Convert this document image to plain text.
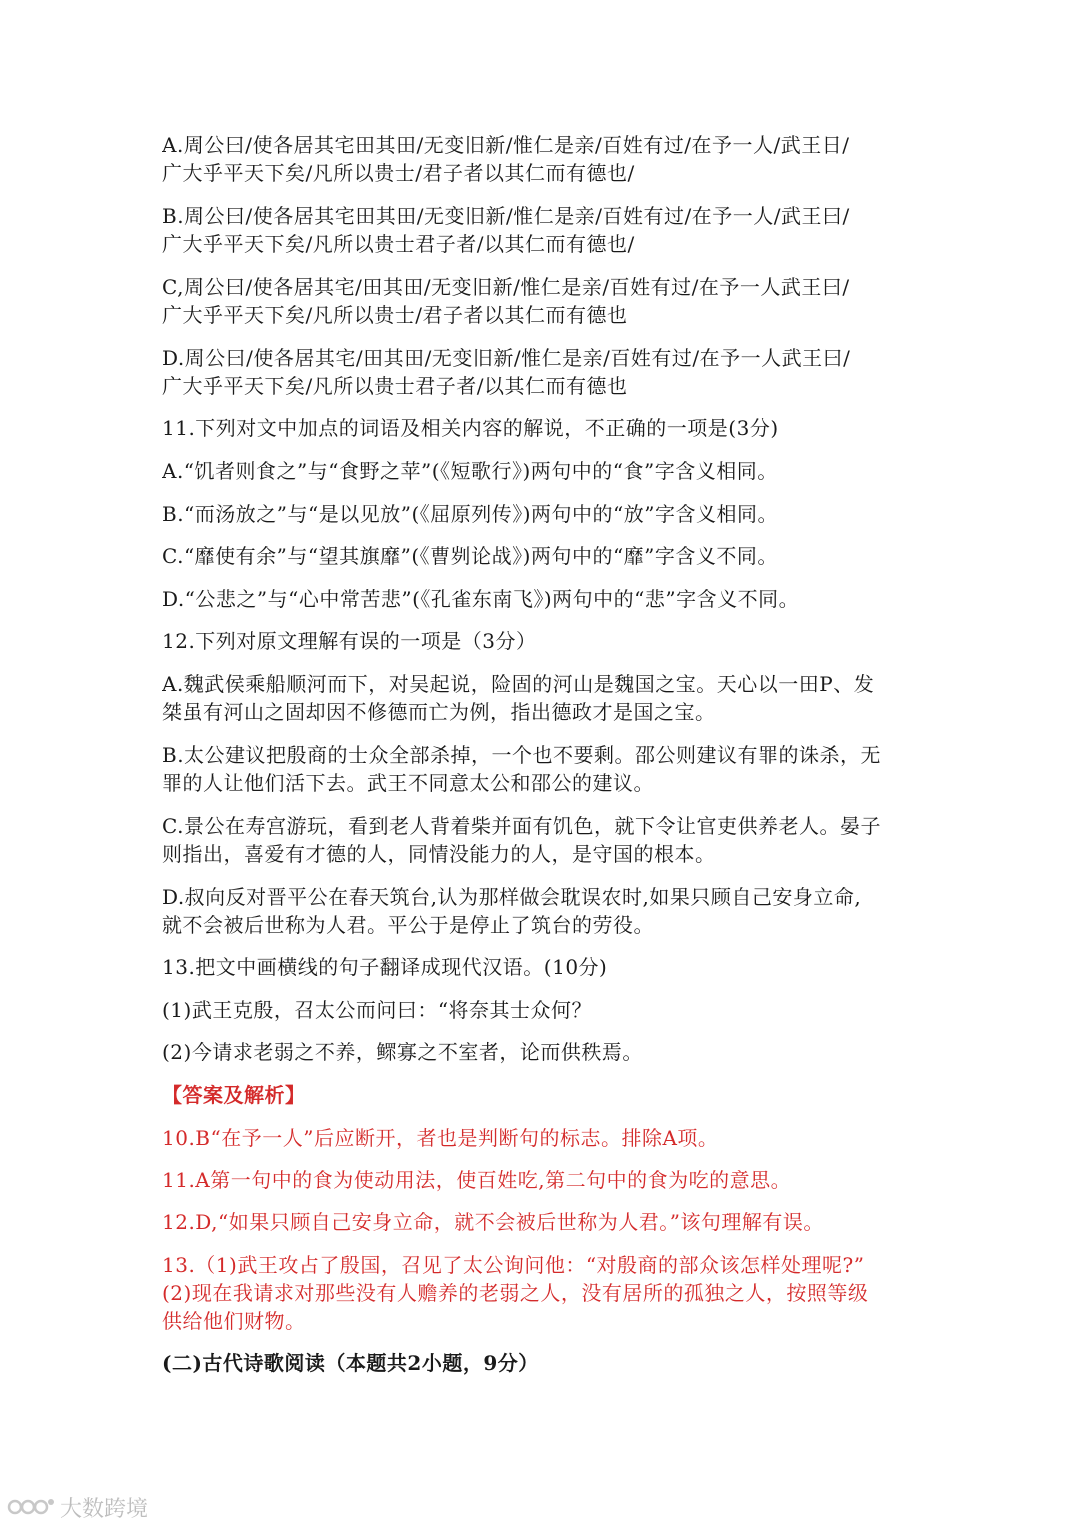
A.周公曰/使各居其宅田其田/无变旧新/惟仁是亲/百姓有过/在予一人/武王日/
广大乎平天下矣/凡所以贵士/君子者以其仁而有德也/
B.周公曰/使各居其宅田其田/无变旧新/惟仁是亲/百姓有过/在予一人/武王曰/
广大乎平天下矣/凡所以贵士君子者/以其仁而有德也/
C,周公曰/使各居其宅/田其田/无变旧新/惟仁是亲/百姓有过/在予一人武王曰/
广大乎平天下矣/凡所以贵士/君子者以其仁而有德也
D.周公曰/使各居其宅/田其田/无变旧新/惟仁是亲/百姓有过/在予一人武王曰/
广大乎平天下矣/凡所以贵士君子者/以其仁而有德也
11.下列对文中加点的词语及相关内容的解说，不正确的一项是(3分)
A.“饥者则食之”与“食野之苹”(《短歌行》)两句中的“食”字含义相同。
B.“而汤放之”与“是以见放”(《屈原列传》)两句中的“放”字含义相同。
C.“靡使有余”与“望其旗靡”(《曹刿论战》)两句中的“靡”字含义不同。
D.“公悲之”与“心中常苦悲”(《孔雀东南飞》)两句中的“悲”字含义不同。
12.下列对原文理解有误的一项是（3分）
A.魏武侯乘船顺河而下，对吴起说，险固的河山是魏国之宝。天心以一田P、发
桀虽有河山之固却因不修德而亡为例，指出德政才是国之宝。
B.太公建议把殷商的士众全部杀掉，一个也不要剩。邵公则建议有罪的诛杀，无
罪的人让他们活下去。武王不同意太公和邵公的建议。
C.景公在寿宫游玩，看到老人背着柴并面有饥色，就下令让官吏供养老人。晏子
则指出，喜爱有才德的人，同情没能力的人，是守国的根本。
D.叔向反对晋平公在春天筑台,认为那样做会耽误农时,如果只顾自己安身立命,
就不会被后世称为人君。平公于是停止了筑台的劳役。
13.把文中画横线的句子翻译成现代汉语。(10分)
(1)武王克殷，召太公而问曰：“将奈其士众何？
(2)今请求老弱之不养，鳏寡之不室者，论而供秩焉。
【答案及解析】
10.B“在予一人”后应断开，者也是判断句的标志。排除A项。
11.A第一句中的食为使动用法，使百姓吃,第二句中的食为吃的意思。
12.D,“如果只顾自己安身立命，就不会被后世称为人君。”该句理解有误。
13.（1)武王攻占了殷国，召见了太公询问他：“对殷商的部众该怎样处理呢?”
(2)现在我请求对那些没有人赡养的老弱之人，没有居所的孤独之人，按照等级
供给他们财物。
(二)古代诗歌阅读（本题共2小题，9分）
大数跨境
